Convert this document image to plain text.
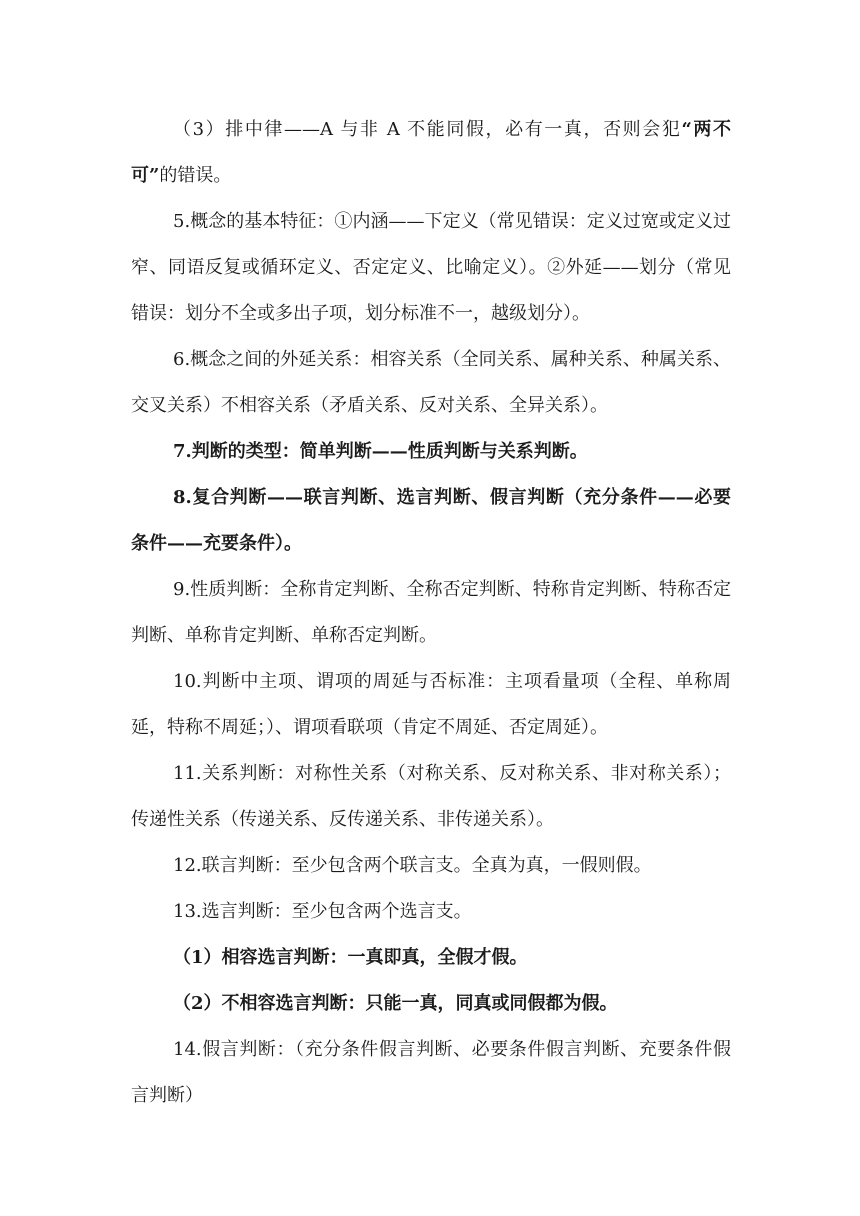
（3）排中律——A 与非 A 不能同假，必有一真，否则会犯“两不可”的错误。

5.概念的基本特征：①内涵——下定义（常见错误：定义过宽或定义过窄、同语反复或循环定义、否定定义、比喻定义）。②外延——划分（常见错误：划分不全或多出子项，划分标准不一，越级划分）。

6.概念之间的外延关系：相容关系（全同关系、属种关系、种属关系、交叉关系）不相容关系（矛盾关系、反对关系、全异关系）。

7.判断的类型：简单判断——性质判断与关系判断。

8.复合判断——联言判断、选言判断、假言判断（充分条件——必要条件——充要条件）。

9.性质判断：全称肯定判断、全称否定判断、特称肯定判断、特称否定判断、单称肯定判断、单称否定判断。

10.判断中主项、谓项的周延与否标准：主项看量项（全程、单称周延，特称不周延；）、谓项看联项（肯定不周延、否定周延）。

11.关系判断：对称性关系（对称关系、反对称关系、非对称关系）；传递性关系（传递关系、反传递关系、非传递关系）。

12.联言判断：至少包含两个联言支。全真为真，一假则假。

13.选言判断：至少包含两个选言支。

（1）相容选言判断：一真即真，全假才假。

（2）不相容选言判断：只能一真，同真或同假都为假。

14.假言判断：（充分条件假言判断、必要条件假言判断、充要条件假言判断）
